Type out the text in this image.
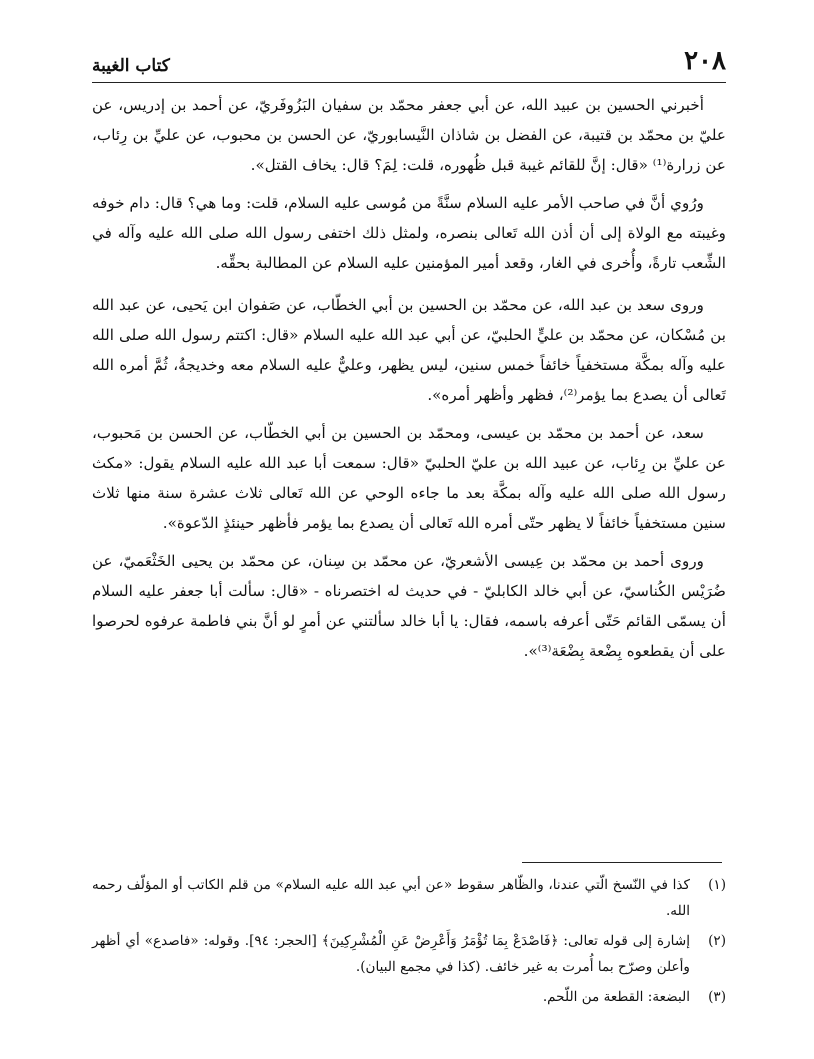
٢٠٨
كتاب الغيبة

أخبرني الحسين بن عبيد الله، عن أبي جعفر محمّد بن سفيان البَزُوفَريّ، عن أحمد بن إدريس، عن عليّ بن محمّد بن قتيبة، عن الفضل بن شاذان النَّيسابوريّ، عن الحسن بن محبوب، عن عليِّ بن رِئاب، عن زرارة⁽¹⁾ «قال: إنَّ للقائم غيبة قبل ظُهوره، قلت: لِمَ؟ قال: يخاف القتل».

ورُوي أنَّ في صاحب الأمر عليه السلام سنَّةً من مُوسى عليه السلام، قلت: وما هي؟ قال: دام خوفه وغيبته مع الولاة إلى أن أذن الله تَعالى بنصره، ولمثل ذلك اختفى رسول الله صلى الله عليه وآله في الشِّعب تارةً، وأُخرى في الغار، وقعد أمير المؤمنين عليه السلام عن المطالبة بحقِّه.

وروى سعد بن عبد الله، عن محمّد بن الحسين بن أبي الخطّاب، عن صَفوان ابن يَحيى، عن عبد الله بن مُسْكان، عن محمّد بن عليٍّ الحلبيّ، عن أبي عبد الله عليه السلام «قال: اكتتم رسول الله صلى الله عليه وآله بمكَّة مستخفياً خائفاً خمس سنين، ليس يظهر، وعليٌّ عليه السلام معه وخديجةُ، ثُمَّ أمره الله تَعالى أن يصدع بما يؤمر⁽²⁾، فظهر وأظهر أمره».

سعد، عن أحمد بن محمّد بن عيسى، ومحمّد بن الحسين بن أبي الخطّاب، عن الحسن بن مَحبوب، عن عليِّ بن رِئاب، عن عبيد الله بن عليّ الحلبيّ «قال: سمعت أبا عبد الله عليه السلام يقول: «مكث رسول الله صلى الله عليه وآله بمكَّة بعد ما جاءه الوحي عن الله تَعالى ثلاث عشرة سنة منها ثلاث سنين مستخفياً خائفاً لا يظهر حتّى أمره الله تَعالى أن يصدع بما يؤمر فأظهر حينئذٍ الدّعوة».

وروى أحمد بن محمّد بن عِيسى الأشعريّ، عن محمّد بن سِنان، عن محمّد بن يحيى الخَثْعَميّ، عن ضُرَيْس الكُناسيّ، عن أبي خالد الكابليّ - في حديث له اختصرناه - «قال: سألت أبا جعفر عليه السلام أن يسمّى القائم حَتّى أعرفه باسمه، فقال: يا أبا خالد سألتني عن أمرٍ لو أنَّ بني فاطمة عرفوه لحرصوا على أن يقطعوه بِضْعة بِضْعَة⁽³⁾».

(١)
كذا في النّسخ الّتي عندنا، والظّاهر سقوط «عن أبي عبد الله عليه السلام» من قلم الكاتب أو المؤلّف رحمه الله.
(٢)
إشارة إلى قوله تعالى: ﴿فَاصْدَعْ بِمَا تُؤْمَرُ وَأَعْرِضْ عَنِ الْمُشْرِكِينَ﴾ [الحجر: ٩٤]. وقوله: «فاصدع» أي أظهر وأعلن وصرّح بما أُمرت به غير خائف. (كذا في مجمع البيان).
(٣)
البضعة: القطعة من اللّحم.
